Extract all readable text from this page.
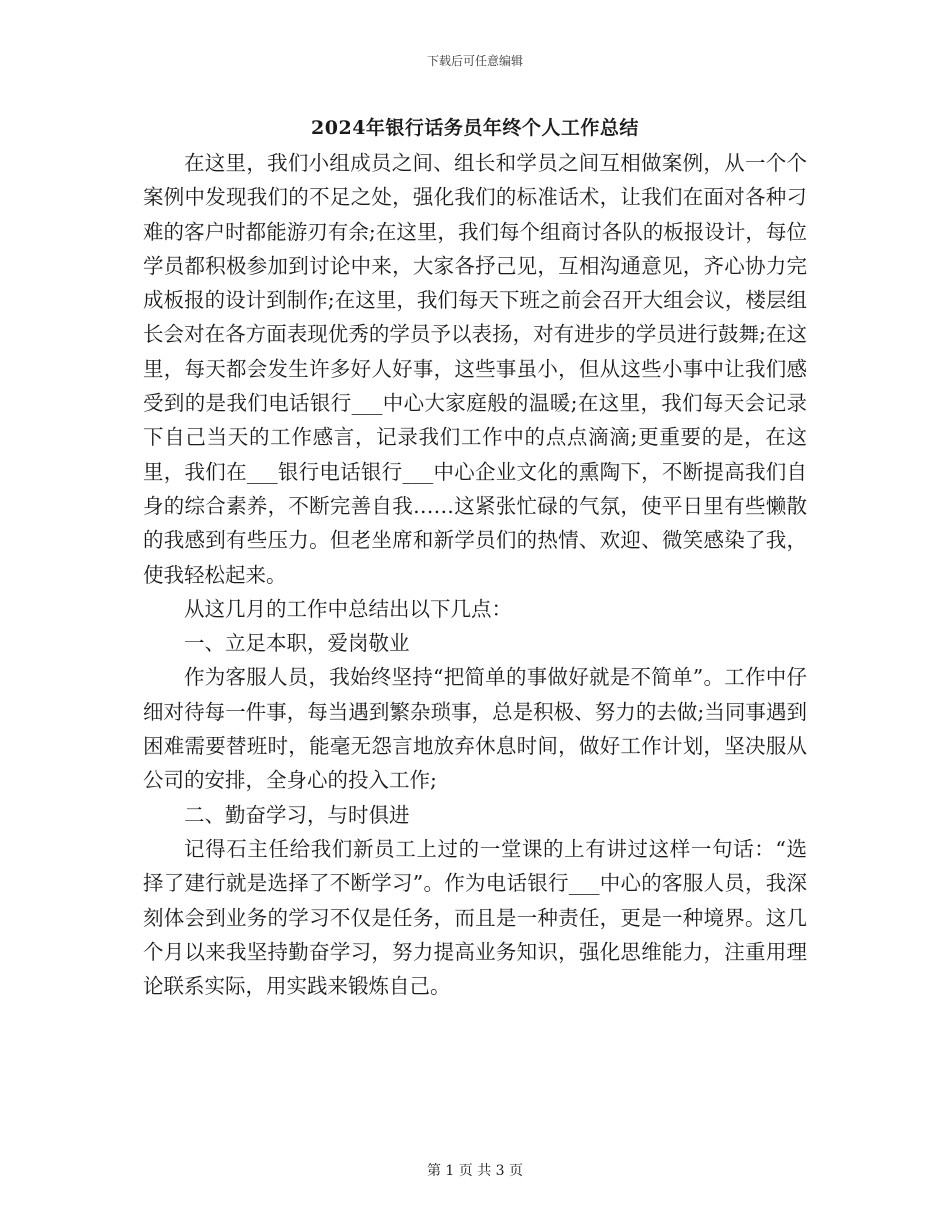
下载后可任意编辑
2024年银行话务员年终个人工作总结

在这里，我们小组成员之间、组长和学员之间互相做案例，从一个个案例中发现我们的不足之处，强化我们的标准话术，让我们在面对各种刁难的客户时都能游刃有余;在这里，我们每个组商讨各队的板报设计，每位学员都积极参加到讨论中来，大家各抒己见，互相沟通意见，齐心协力完成板报的设计到制作;在这里，我们每天下班之前会召开大组会议，楼层组长会对在各方面表现优秀的学员予以表扬，对有进步的学员进行鼓舞;在这里，每天都会发生许多好人好事，这些事虽小，但从这些小事中让我们感受到的是我们电话银行___中心大家庭般的温暖;在这里，我们每天会记录下自己当天的工作感言，记录我们工作中的点点滴滴;更重要的是，在这里，我们在___银行电话银行___中心企业文化的熏陶下，不断提高我们自身的综合素养，不断完善自我……这紧张忙碌的气氛，使平日里有些懒散的我感到有些压力。但老坐席和新学员们的热情、欢迎、微笑感染了我，使我轻松起来。

从这几月的工作中总结出以下几点：

一、立足本职，爱岗敬业

作为客服人员，我始终坚持“把简单的事做好就是不简单”。工作中仔细对待每一件事，每当遇到繁杂琐事，总是积极、努力的去做;当同事遇到困难需要替班时，能毫无怨言地放弃休息时间，做好工作计划，坚决服从公司的安排，全身心的投入工作;

二、勤奋学习，与时俱进

记得石主任给我们新员工上过的一堂课的上有讲过这样一句话：“选择了建行就是选择了不断学习”。作为电话银行___中心的客服人员，我深刻体会到业务的学习不仅是任务，而且是一种责任，更是一种境界。这几个月以来我坚持勤奋学习，努力提高业务知识，强化思维能力，注重用理论联系实际，用实践来锻炼自己。

第 1 页 共 3 页
